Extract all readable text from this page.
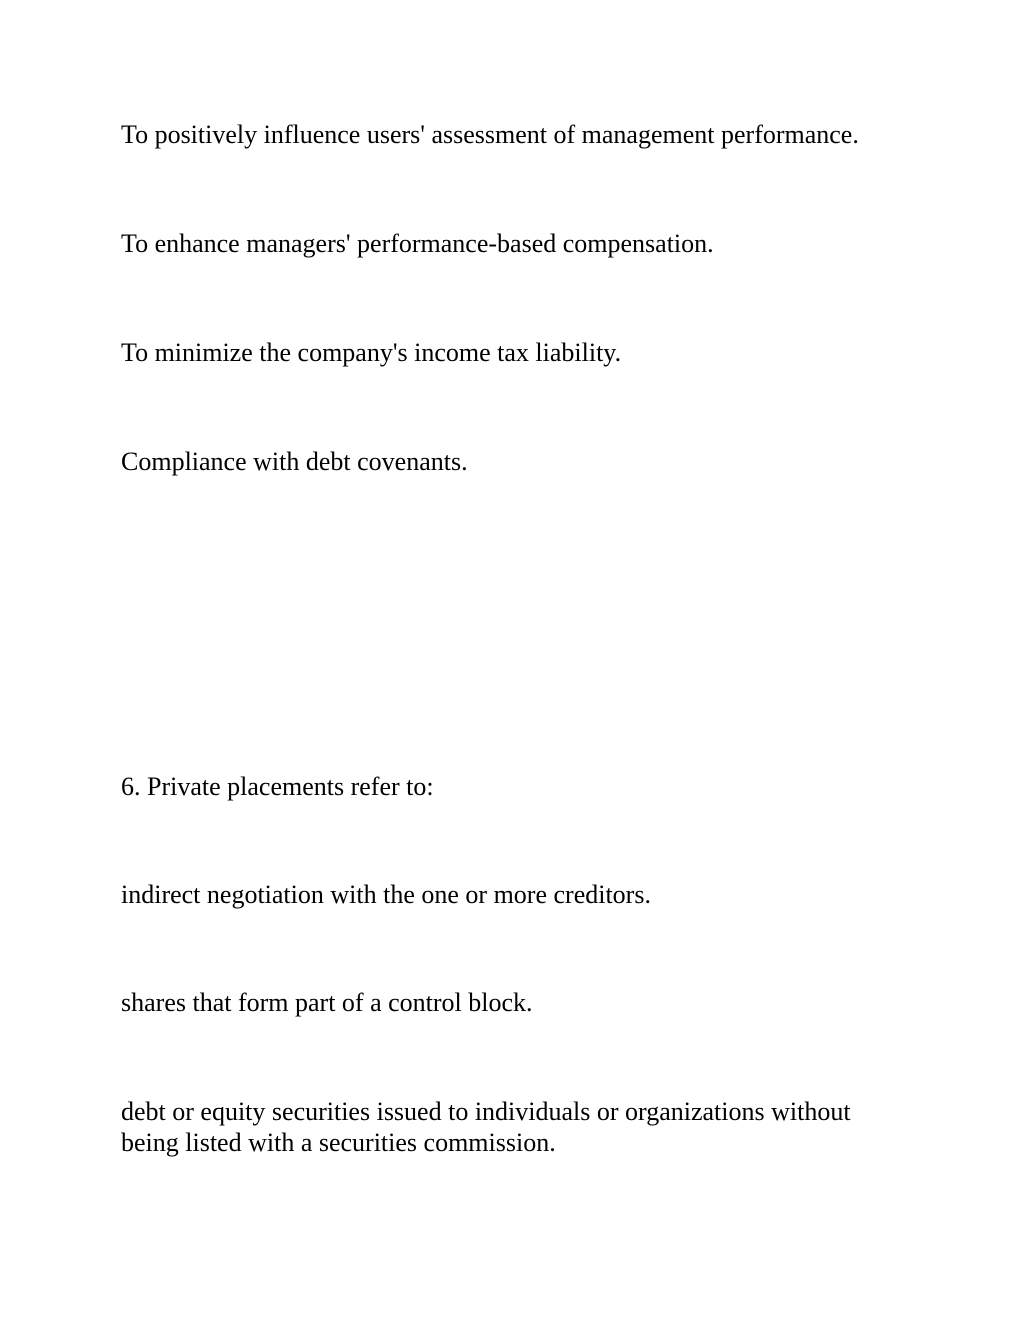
To positively influence users' assessment of management performance.

To enhance managers' performance-based compensation.

To minimize the company's income tax liability.

Compliance with debt covenants.

6. Private placements refer to:

indirect negotiation with the one or more creditors.

shares that form part of a control block.

debt or equity securities issued to individuals or organizations without being listed with a securities commission.
